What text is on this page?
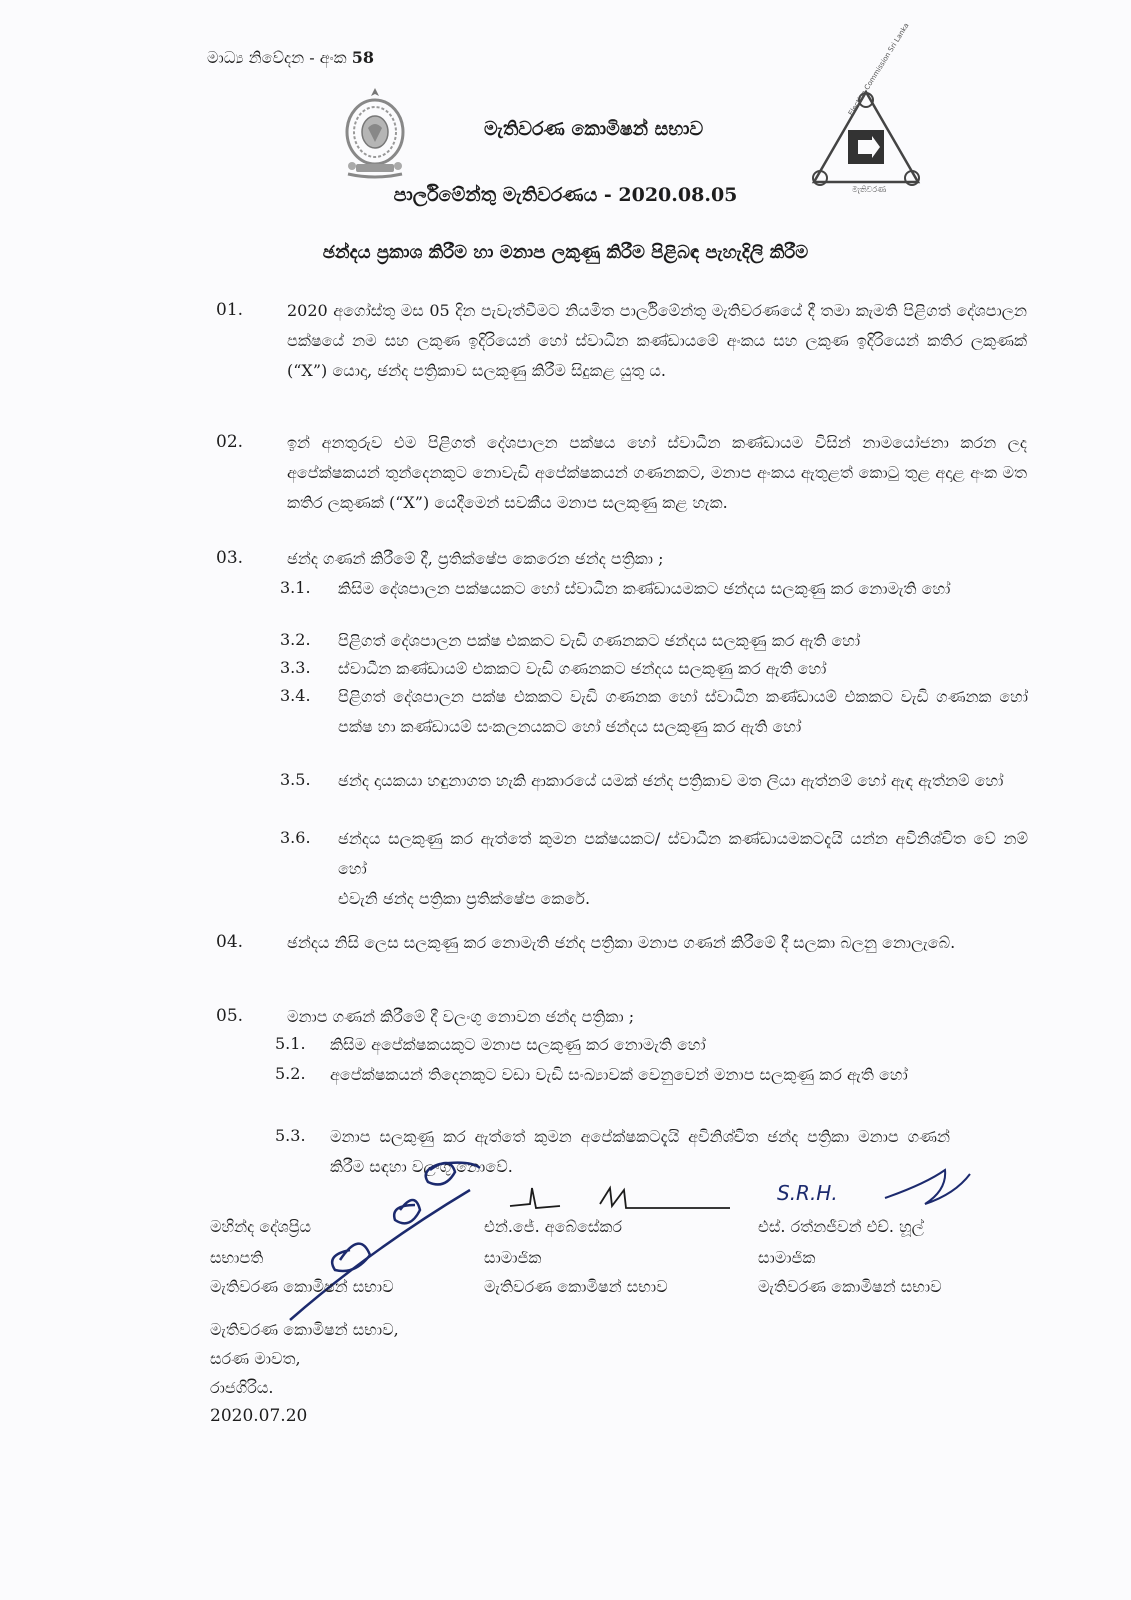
මාධ්‍ය නිවේදන - අංක 58	Election Commission Sri Lanka
මැතිවරණ
මැතිවරණ කොමිෂන් සභාව
පාර්ලිමේන්තු මැතිවරණය - 2020.08.05
ඡන්දය ප්‍රකාශ කිරීම හා මනාප ලකුණු කිරීම පිළිබඳ පැහැදිලි කිරීම
01.	2020 අගෝස්තු මස 05 දින පැවැත්වීමට නියමිත පාර්ලිමේන්තු මැතිවරණයේ දී තමා කැමති පිළිගත් දේශපාලන පක්ෂයේ නම සහ ලකුණ ඉදිරියෙන් හෝ ස්වාධීන කණ්ඩායමේ අංකය සහ ලකුණ ඉදිරියෙන් කතිර ලකුණක් (“X”) යොදා, ඡන්ද පත්‍රිකාව සලකුණු කිරීම සිදුකළ යුතු ය.
02.	ඉන් අනතුරුව එම පිළිගත් දේශපාලන පක්ෂය හෝ ස්වාධීන කණ්ඩායම විසින් නාමයෝජනා කරන ලද අපේක්ෂකයන් තුන්දෙනකුට නොවැඩි අපේක්ෂකයන් ගණනකට, මනාප අංකය ඇතුළත් කොටු තුළ අදාළ අංක මත කතිර ලකුණක් (“X”) යෙදීමෙන් සවකීය මනාප සලකුණු කළ හැක.
03.	ඡන්ද ගණන් කිරීමේ දී, ප්‍රතික්ෂේප කෙරෙන ඡන්ද පත්‍රිකා ;
3.1. කිසිම දේශපාලන පක්ෂයකට හෝ ස්වාධීන කණ්ඩායමකට ඡන්දය සලකුණු කර නොමැති හෝ
3.2. පිළිගත් දේශපාලන පක්ෂ එකකට වැඩි ගණනකට ඡන්දය සලකුණු කර ඇති හෝ
3.3. ස්වාධීන කණ්ඩායම් එකකට වැඩි ගණනකට ඡන්දය සලකුණු කර ඇති හෝ
3.4. පිළිගත් දේශපාලන පක්ෂ එකකට වැඩි ගණනක හෝ ස්වාධීන කණ්ඩායම් එකකට වැඩි ගණනක හෝ පක්ෂ හා කණ්ඩායම් සංකලනයකට හෝ ඡන්දය සලකුණු කර ඇති හෝ
3.5. ඡන්ද දායකයා හඳුනාගත හැකි ආකාරයේ යමක් ඡන්ද පත්‍රිකාව මත ලියා ඇත්නම් හෝ ඇඳ ඇත්නම් හෝ
3.6. ඡන්දය සලකුණු කර ඇත්තේ කුමන පක්ෂයකට/ ස්වාධීන කණ්ඩායමකටදැයි යන්න අවිනිශ්චිත වේ නම් හෝ
එවැනි ඡන්ද පත්‍රිකා ප්‍රතික්ෂේප කෙරේ.
04.	ඡන්දය නිසි ලෙස සලකුණු කර නොමැති ඡන්ද පත්‍රිකා මනාප ගණන් කිරීමේ දී සලකා බලනු නොලැබේ.
05.	මනාප ගණන් කිරීමේ දී වලංගු නොවන ඡන්ද පත්‍රිකා ;
5.1. කිසිම අපේක්ෂකයකුට මනාප සලකුණු කර නොමැති හෝ
5.2. අපේක්ෂකයන් තිදෙනකුට වඩා වැඩි සංඛ්‍යාවක් වෙනුවෙන් මනාප සලකුණු කර ඇති හෝ
5.3. මනාප සලකුණු කර ඇත්තේ කුමන අපේක්ෂකටදැයි අවිනිශ්චිත ඡන්ද පත්‍රිකා මනාප ගණන් කිරීම සඳහා වලංගු නොවේ.
S.R.H.
මහින්ද දේශප්‍රිය
සභාපති
මැතිවරණ කොමිෂන් සභාව
එන්.ජේ. අබේසේකර
සාමාජික
මැතිවරණ කොමිෂන් සභාව
එස්. රත්නජීවන් එච්. හූල්
සාමාජික
මැතිවරණ කොමිෂන් සභාව
මැතිවරණ කොමිෂන් සභාව,
සරණ මාවත,
රාජගිරිය.
2020.07.20
